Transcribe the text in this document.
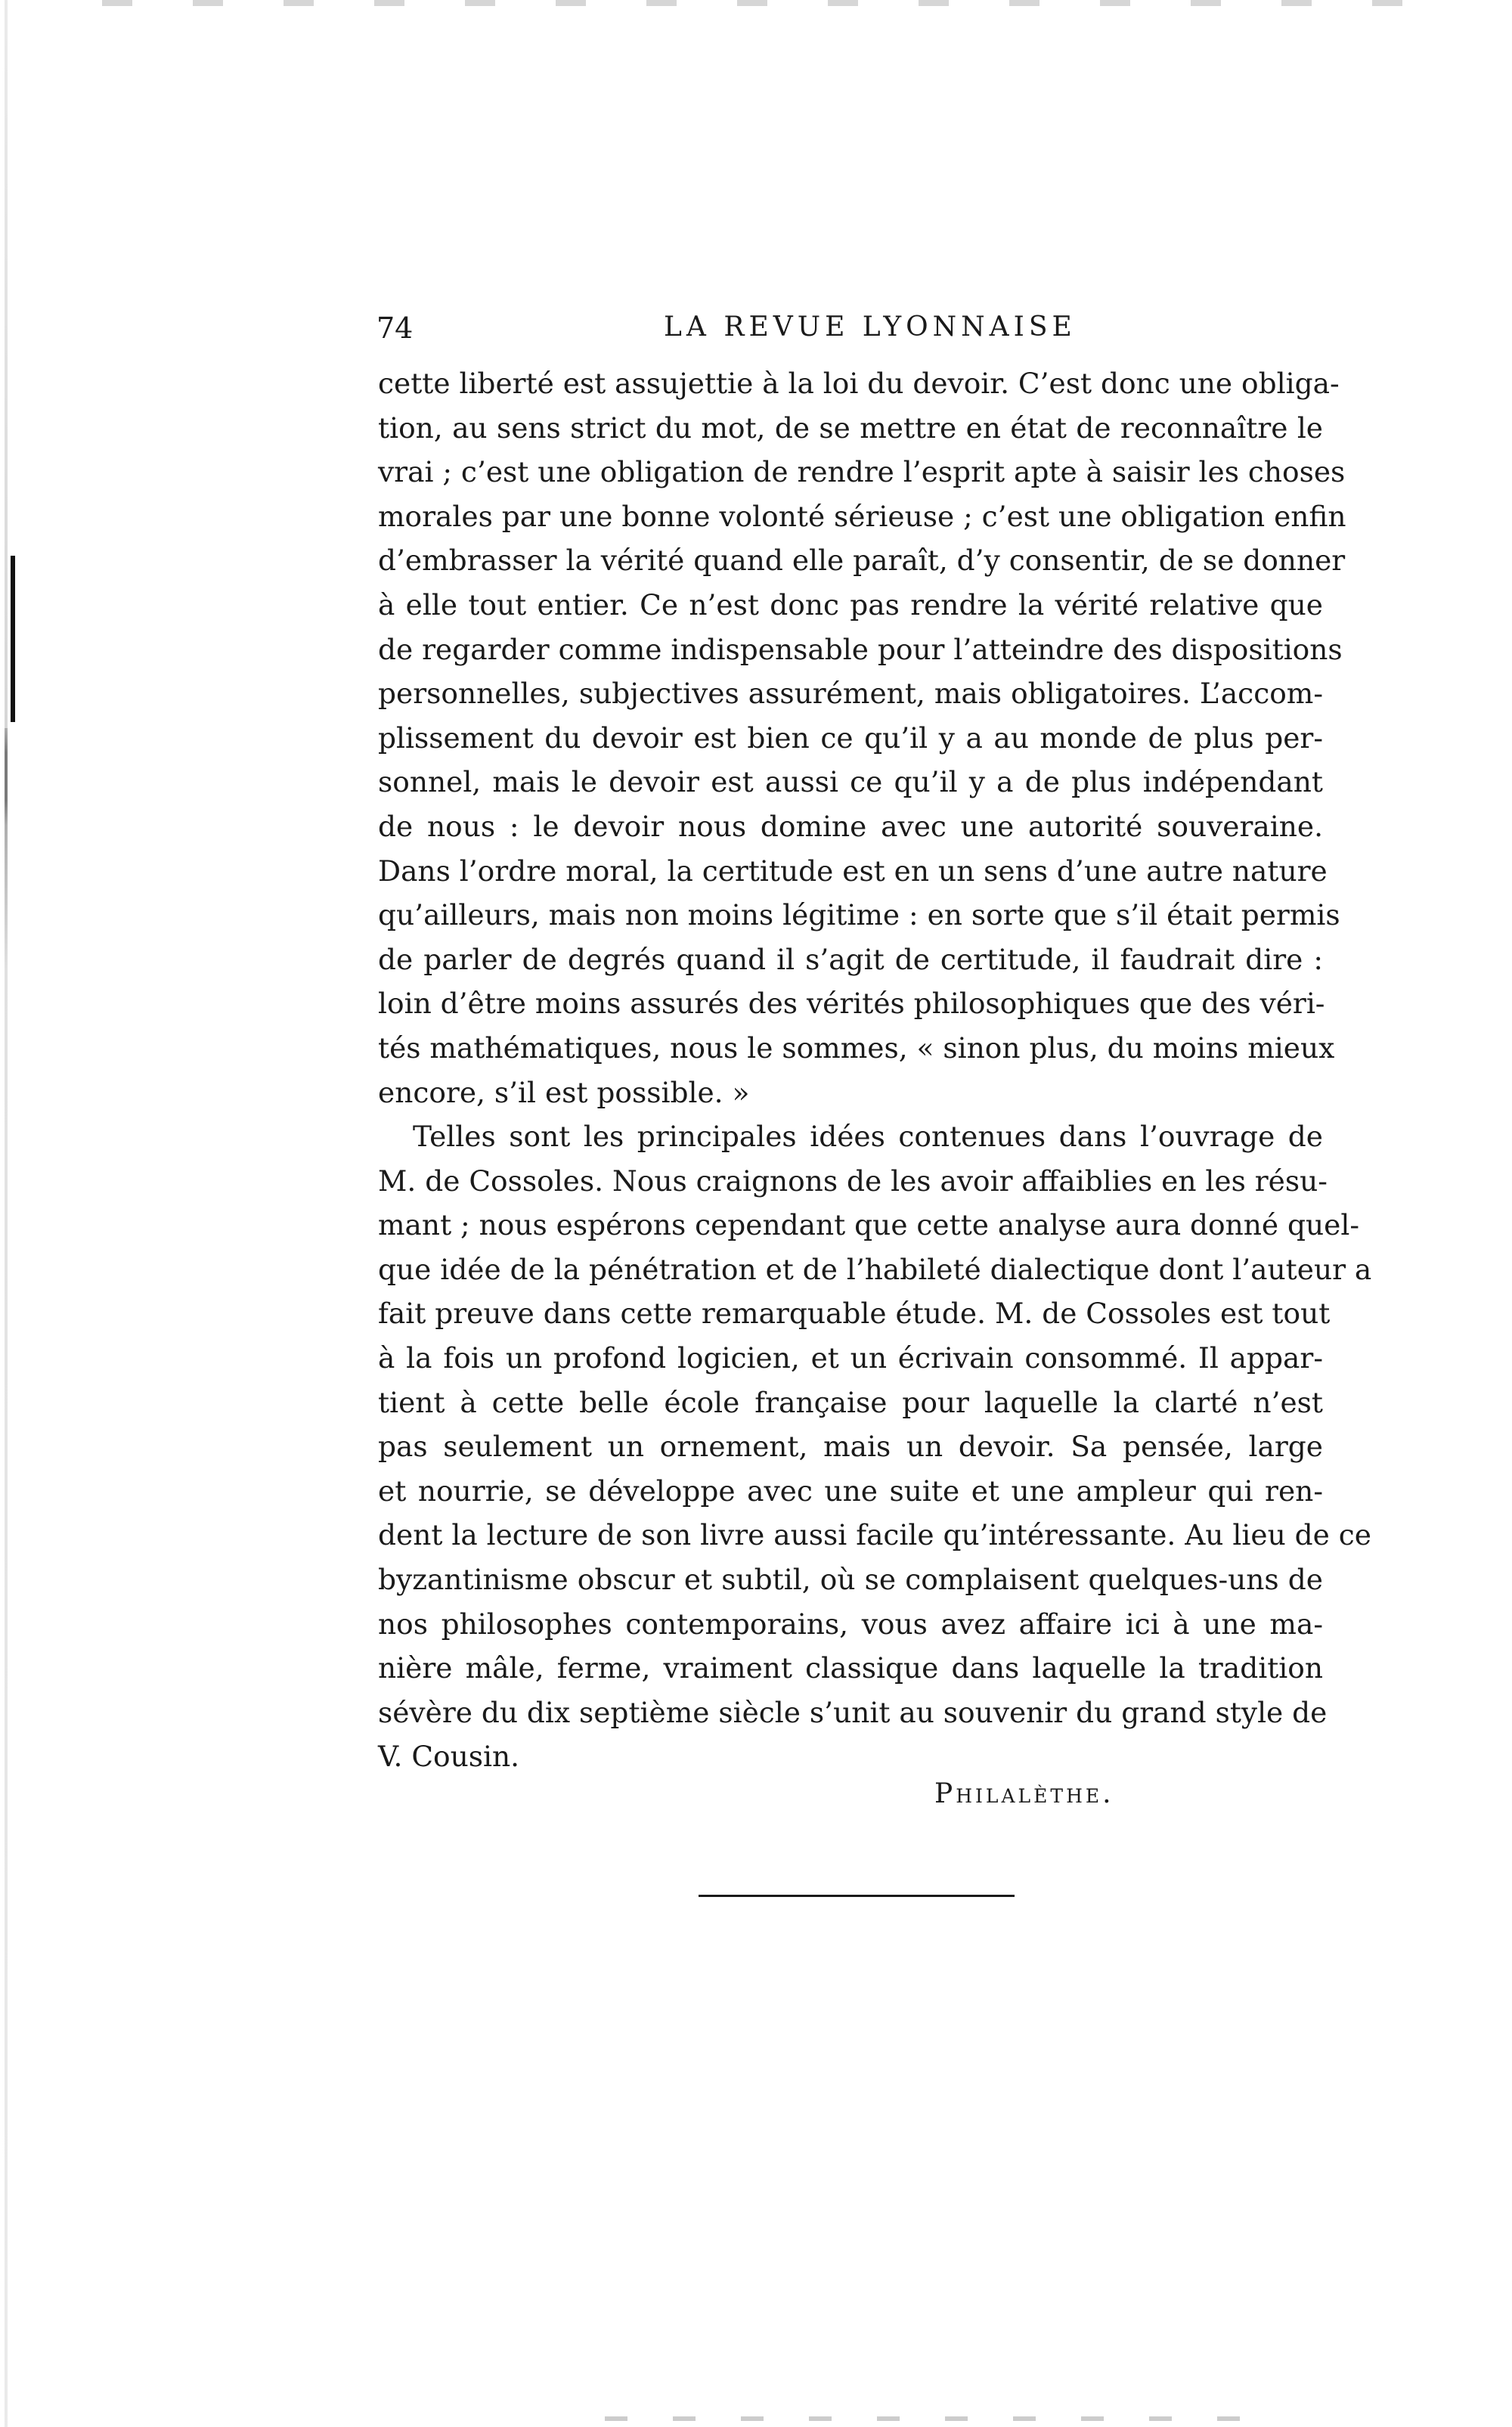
74	LA REVUE LYONNAISE
cette liberté est assujettie à la loi du devoir. C’est donc une obliga-
tion, au sens strict du mot, de se mettre en état de reconnaître le
vrai ; c’est une obligation de rendre l’esprit apte à saisir les choses
morales par une bonne volonté sérieuse ; c’est une obligation enfin
d’embrasser la vérité quand elle paraît, d’y consentir, de se donner
à elle tout entier. Ce n’est donc pas rendre la vérité relative que
de regarder comme indispensable pour l’atteindre des dispositions
personnelles, subjectives assurément, mais obligatoires. L’accom-
plissement du devoir est bien ce qu’il y a au monde de plus per-
sonnel, mais le devoir est aussi ce qu’il y a de plus indépendant
de nous : le devoir nous domine avec une autorité souveraine.
Dans l’ordre moral, la certitude est en un sens d’une autre nature
qu’ailleurs, mais non moins légitime : en sorte que s’il était permis
de parler de degrés quand il s’agit de certitude, il faudrait dire :
loin d’être moins assurés des vérités philosophiques que des véri-
tés mathématiques, nous le sommes, « sinon plus, du moins mieux
encore, s’il est possible. »
Telles sont les principales idées contenues dans l’ouvrage de
M. de Cossoles. Nous craignons de les avoir affaiblies en les résu-
mant ; nous espérons cependant que cette analyse aura donné quel-
que idée de la pénétration et de l’habileté dialectique dont l’auteur a
fait preuve dans cette remarquable étude. M. de Cossoles est tout
à la fois un profond logicien, et un écrivain consommé. Il appar-
tient à cette belle école française pour laquelle la clarté n’est
pas seulement un ornement, mais un devoir. Sa pensée, large
et nourrie, se développe avec une suite et une ampleur qui ren-
dent la lecture de son livre aussi facile qu’intéressante. Au lieu de ce
byzantinisme obscur et subtil, où se complaisent quelques-uns de
nos philosophes contemporains, vous avez affaire ici à une ma-
nière mâle, ferme, vraiment classique dans laquelle la tradition
sévère du dix septième siècle s’unit au souvenir du grand style de
V. Cousin.
Philalèthe.
